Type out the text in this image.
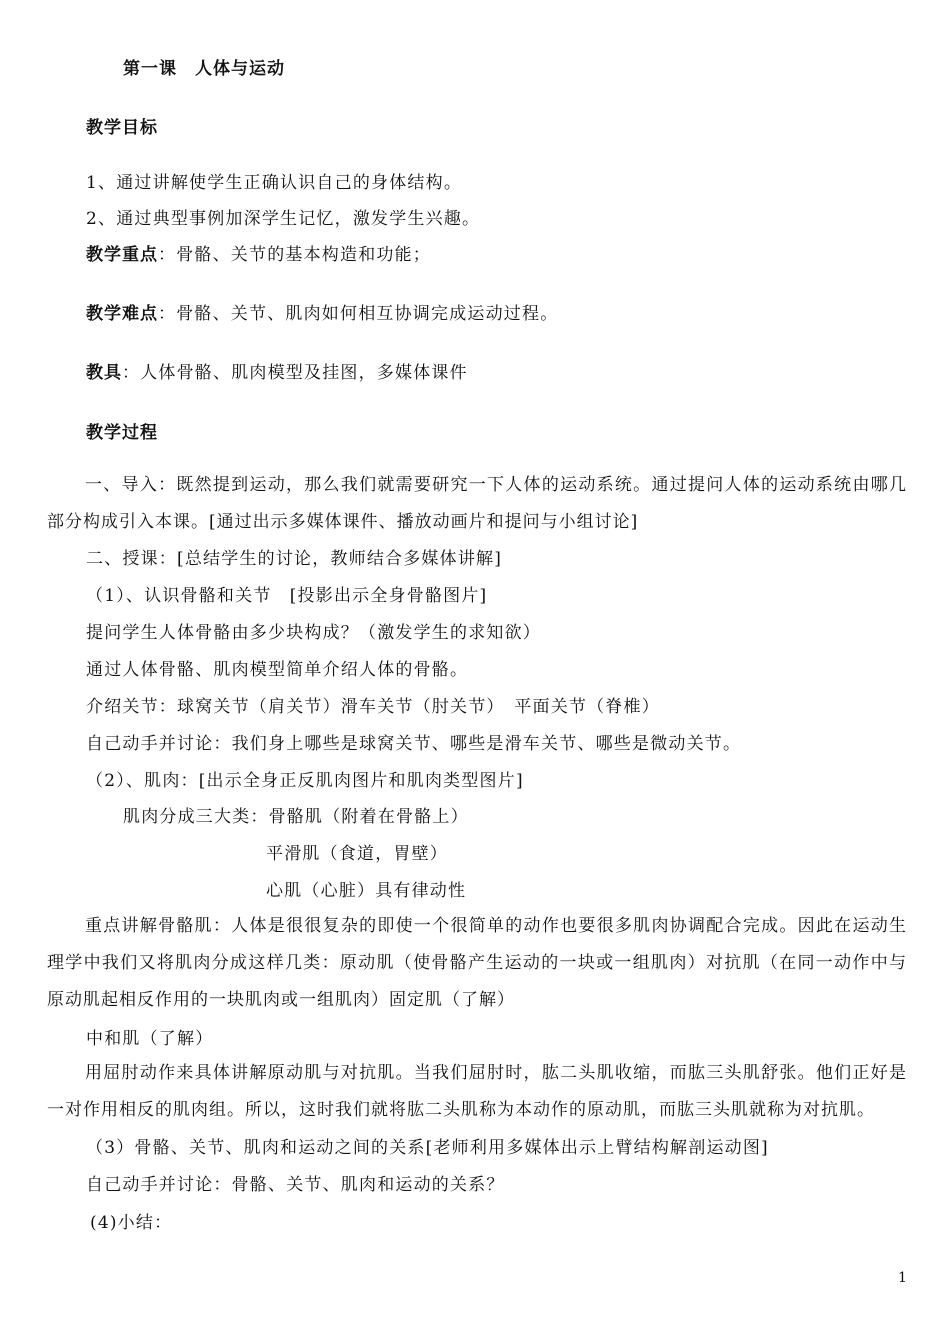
第一课　人体与运动
教学目标
1、通过讲解使学生正确认识自己的身体结构。
2、通过典型事例加深学生记忆，激发学生兴趣。
教学重点：骨骼、关节的基本构造和功能；
教学难点：骨骼、关节、肌肉如何相互协调完成运动过程。
教具：人体骨骼、肌肉模型及挂图，多媒体课件
教学过程
一、导入：既然提到运动，那么我们就需要研究一下人体的运动系统。通过提问人体的运动系统由哪几部分构成引入本课。[通过出示多媒体课件、播放动画片和提问与小组讨论]
二、授课：[总结学生的讨论，教师结合多媒体讲解]
（1）、认识骨骼和关节　[投影出示全身骨骼图片]
提问学生人体骨骼由多少块构成？（激发学生的求知欲）
通过人体骨骼、肌肉模型简单介绍人体的骨骼。
介绍关节：球窝关节（肩关节）滑车关节（肘关节）　平面关节（脊椎）
自己动手并讨论：我们身上哪些是球窝关节、哪些是滑车关节、哪些是微动关节。
（2）、肌肉：[出示全身正反肌肉图片和肌肉类型图片]
肌肉分成三大类：骨骼肌（附着在骨骼上）
平滑肌（食道，胃壁）
心肌（心脏）具有律动性
重点讲解骨骼肌：人体是很很复杂的即使一个很简单的动作也要很多肌肉协调配合完成。因此在运动生理学中我们又将肌肉分成这样几类：原动肌（使骨骼产生运动的一块或一组肌肉）对抗肌（在同一动作中与原动肌起相反作用的一块肌肉或一组肌肉）固定肌（了解）
中和肌（了解）
用屈肘动作来具体讲解原动肌与对抗肌。当我们屈肘时，肱二头肌收缩，而肱三头肌舒张。他们正好是一对作用相反的肌肉组。所以，这时我们就将肱二头肌称为本动作的原动肌，而肱三头肌就称为对抗肌。
（3）骨骼、关节、肌肉和运动之间的关系[老师利用多媒体出示上臂结构解剖运动图]
自己动手并讨论：骨骼、关节、肌肉和运动的关系？
(4)小结：
1
